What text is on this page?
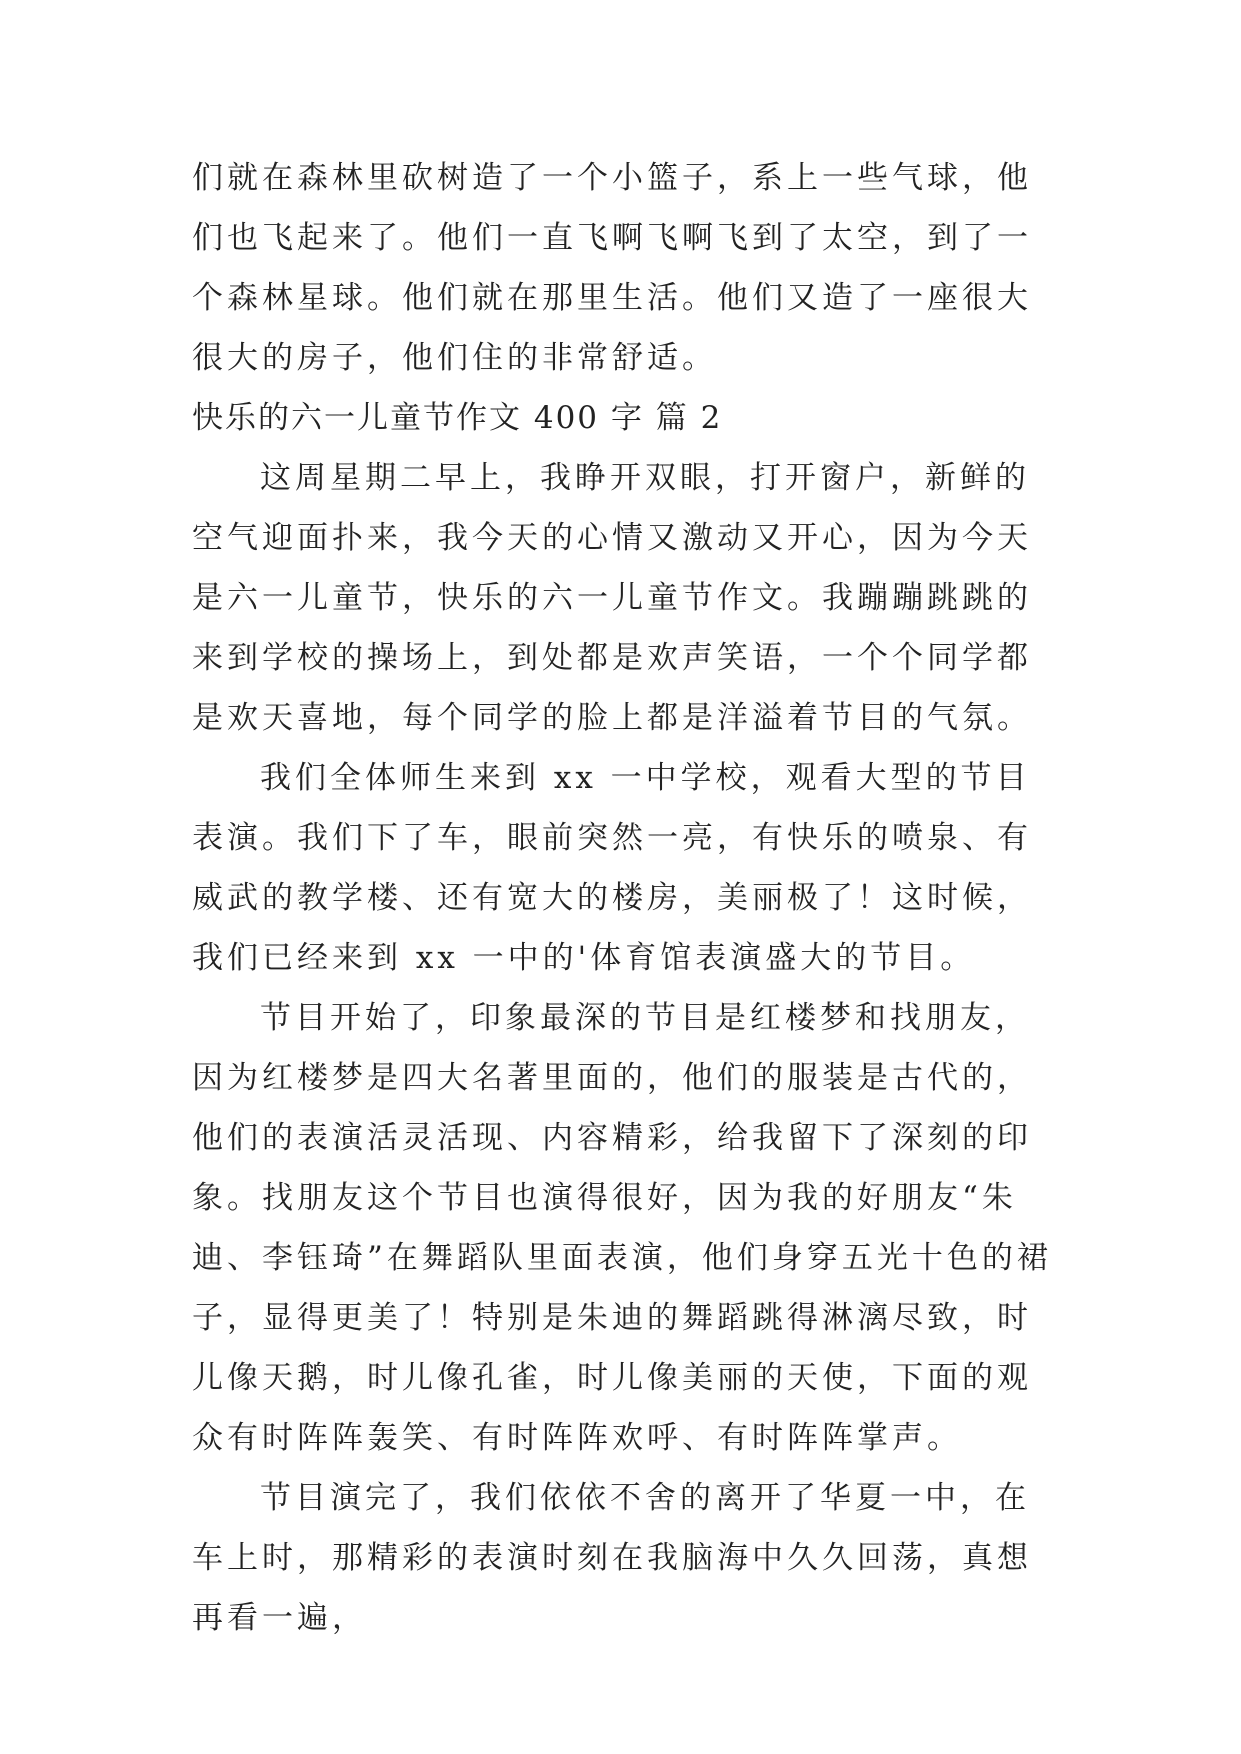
们就在森林里砍树造了一个小篮子，系上一些气球，他们也飞起来了。他们一直飞啊飞啊飞到了太空，到了一个森林星球。他们就在那里生活。他们又造了一座很大很大的房子，他们住的非常舒适。

快乐的六一儿童节作文 400 字 篇 2

这周星期二早上，我睁开双眼，打开窗户，新鲜的空气迎面扑来，我今天的心情又激动又开心，因为今天是六一儿童节，快乐的六一儿童节作文。我蹦蹦跳跳的来到学校的操场上，到处都是欢声笑语，一个个同学都是欢天喜地，每个同学的脸上都是洋溢着节目的气氛。

我们全体师生来到 xx 一中学校，观看大型的节目表演。我们下了车，眼前突然一亮，有快乐的喷泉、有威武的教学楼、还有宽大的楼房，美丽极了！这时候，我们已经来到 xx 一中的'体育馆表演盛大的节目。

节目开始了，印象最深的节目是红楼梦和找朋友，因为红楼梦是四大名著里面的，他们的服装是古代的，他们的表演活灵活现、内容精彩，给我留下了深刻的印象。找朋友这个节目也演得很好，因为我的好朋友“朱迪、李钰琦”在舞蹈队里面表演，他们身穿五光十色的裙子，显得更美了！特别是朱迪的舞蹈跳得淋漓尽致，时儿像天鹅，时儿像孔雀，时儿像美丽的天使，下面的观众有时阵阵轰笑、有时阵阵欢呼、有时阵阵掌声。

节目演完了，我们依依不舍的离开了华夏一中，在车上时，那精彩的表演时刻在我脑海中久久回荡，真想再看一遍，
